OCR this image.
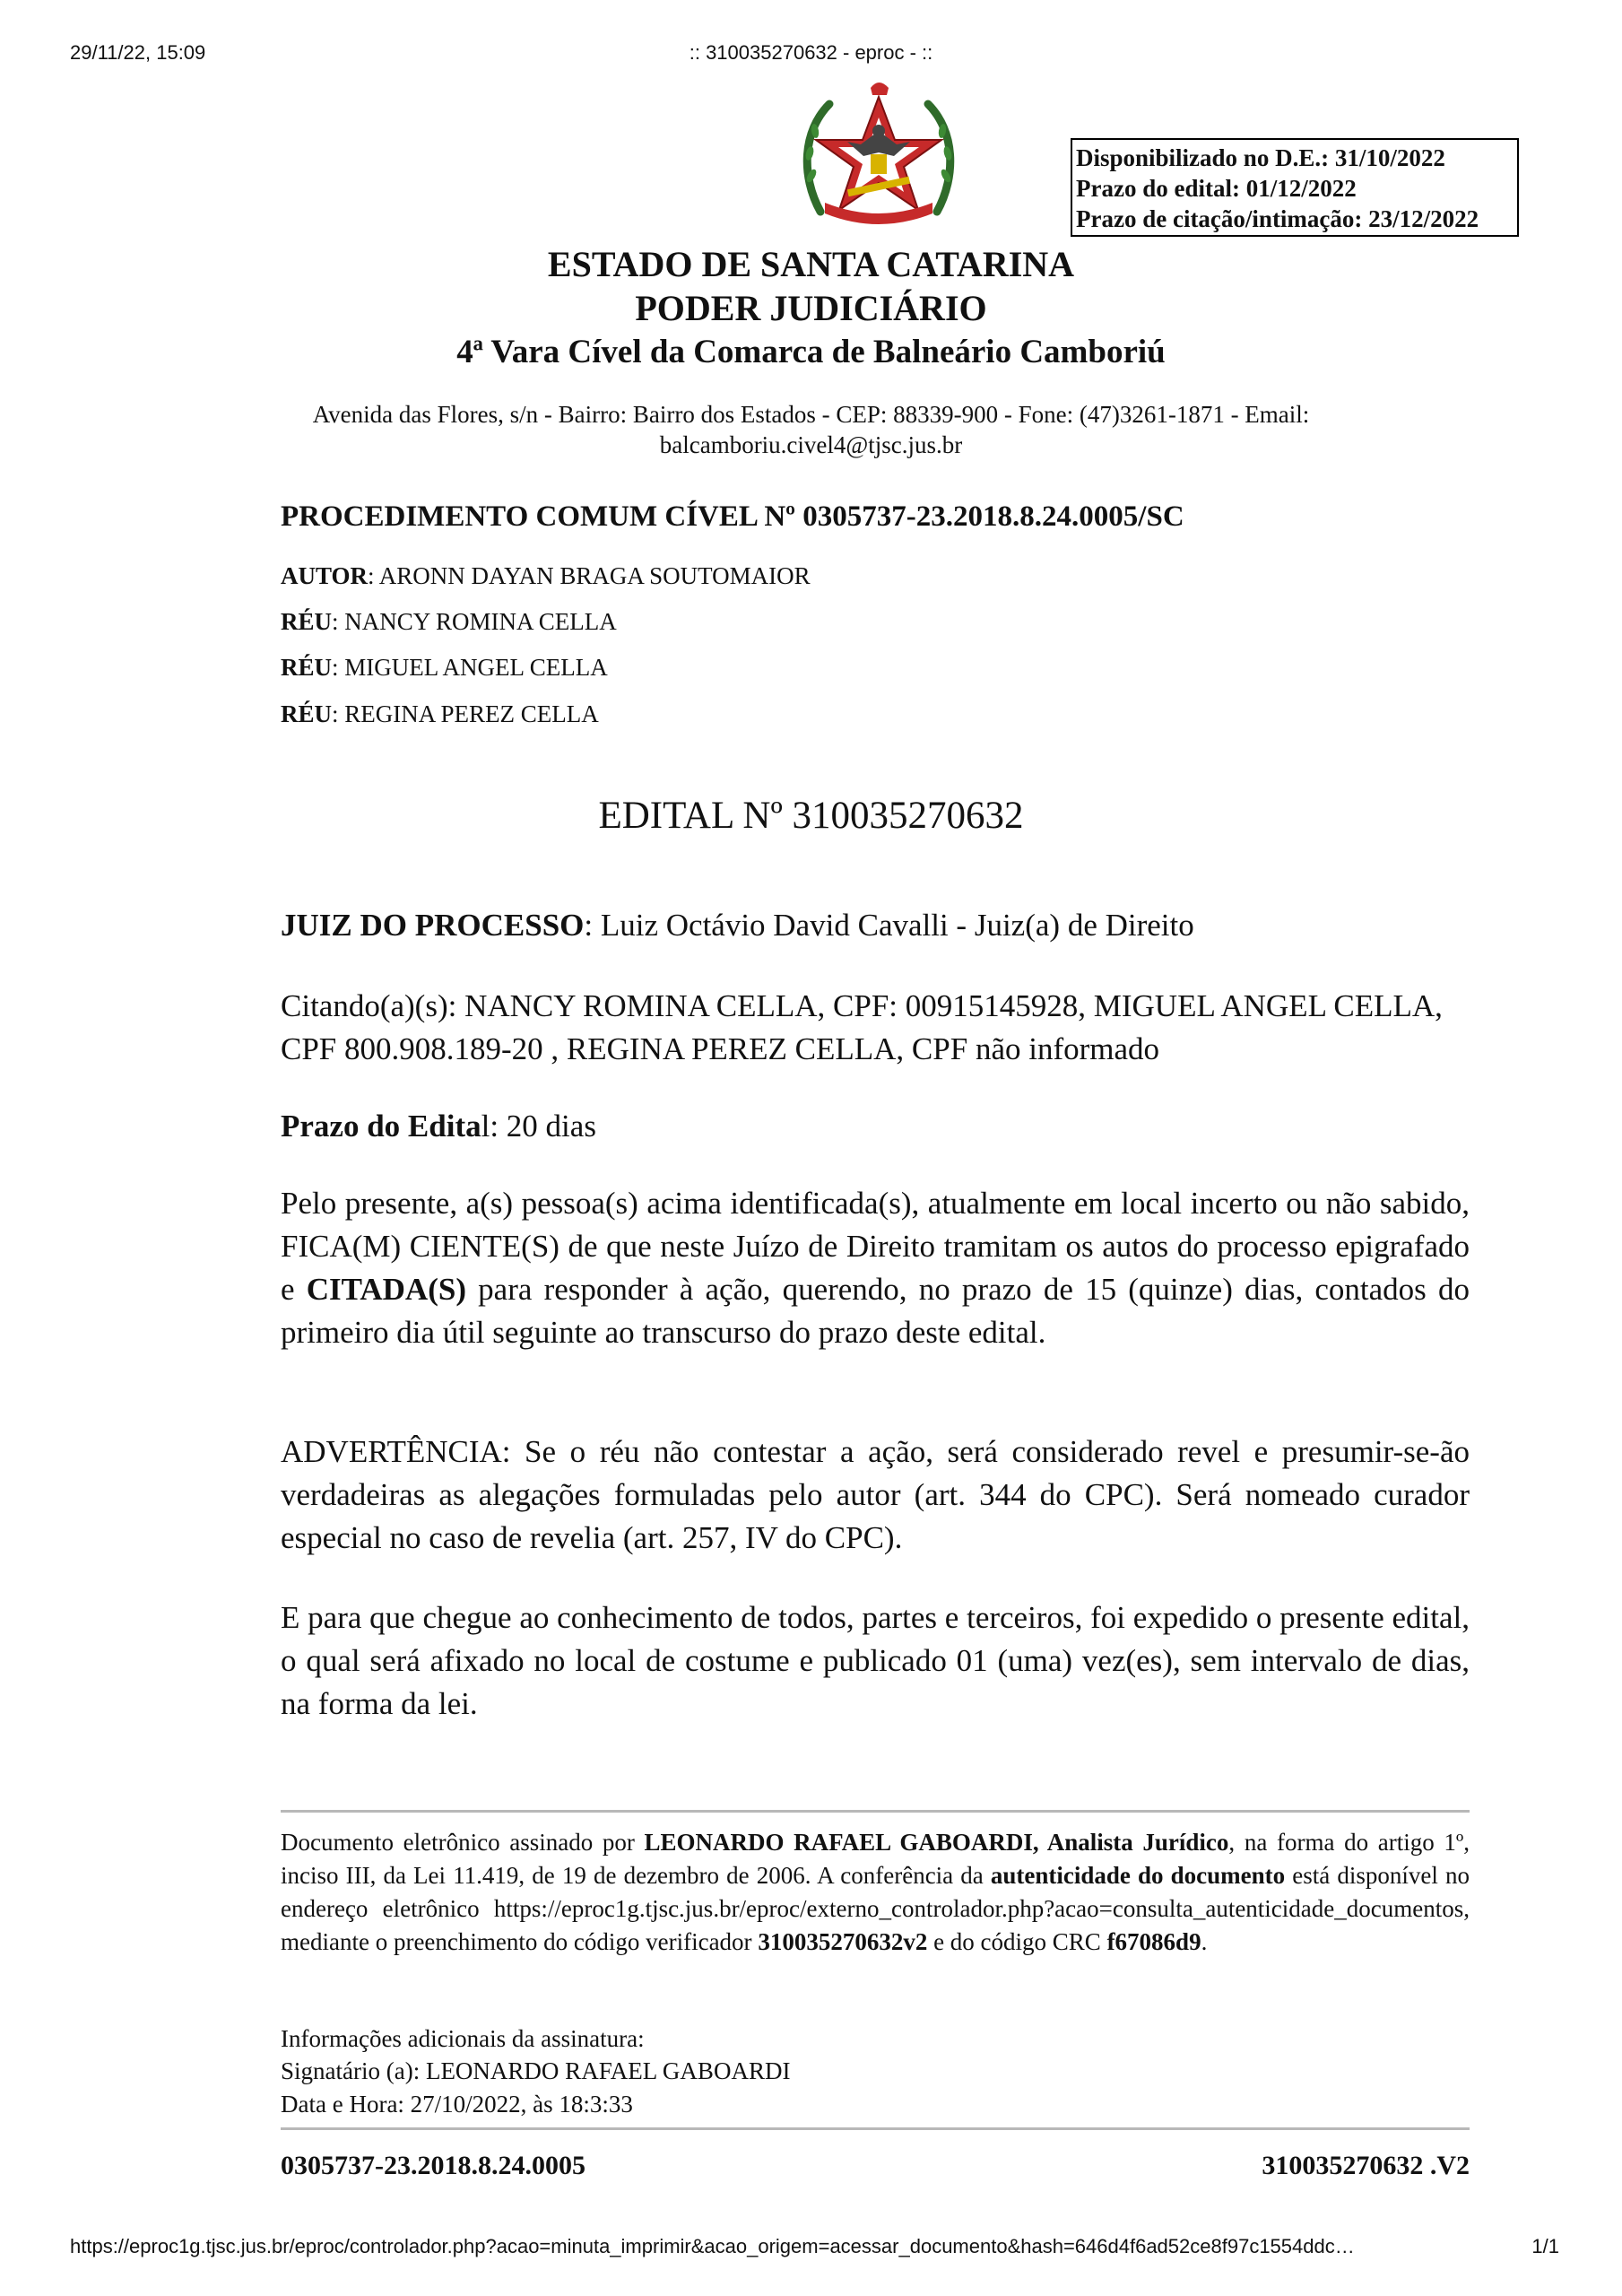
29/11/22, 15:09	:: 310035270632 - eproc - ::
Disponibilizado no D.E.: 31/10/2022
Prazo do edital: 01/12/2022
Prazo de citação/intimação: 23/12/2022
ESTADO DE SANTA CATARINA
PODER JUDICIÁRIO
4ª Vara Cível da Comarca de Balneário Camboriú
Avenida das Flores, s/n - Bairro: Bairro dos Estados - CEP: 88339-900 - Fone: (47)3261-1871 - Email:
balcamboriu.civel4@tjsc.jus.br
PROCEDIMENTO COMUM CÍVEL Nº 0305737-23.2018.8.24.0005/SC
AUTOR: ARONN DAYAN BRAGA SOUTOMAIOR
RÉU: NANCY ROMINA CELLA
RÉU: MIGUEL ANGEL CELLA
RÉU: REGINA PEREZ CELLA
EDITAL Nº 310035270632
JUIZ DO PROCESSO: Luiz Octávio David Cavalli - Juiz(a) de Direito
Citando(a)(s): NANCY ROMINA CELLA, CPF: 00915145928, MIGUEL ANGEL CELLA, CPF 800.908.189-20 , REGINA PEREZ CELLA, CPF não informado
Prazo do Edital: 20 dias
Pelo presente, a(s) pessoa(s) acima identificada(s), atualmente em local incerto ou não sabido, FICA(M) CIENTE(S) de que neste Juízo de Direito tramitam os autos do processo epigrafado e CITADA(S) para responder à ação, querendo, no prazo de 15 (quinze) dias, contados do primeiro dia útil seguinte ao transcurso do prazo deste edital.
ADVERTÊNCIA: Se o réu não contestar a ação, será considerado revel e presumir-se-ão verdadeiras as alegações formuladas pelo autor (art. 344 do CPC). Será nomeado curador especial no caso de revelia (art. 257, IV do CPC).
E para que chegue ao conhecimento de todos, partes e terceiros, foi expedido o presente edital, o qual será afixado no local de costume e publicado 01 (uma) vez(es), sem intervalo de dias, na forma da lei.
Documento eletrônico assinado por LEONARDO RAFAEL GABOARDI, Analista Jurídico, na forma do artigo 1º, inciso III, da Lei 11.419, de 19 de dezembro de 2006. A conferência da autenticidade do documento está disponível no endereço eletrônico https://eproc1g.tjsc.jus.br/eproc/externo_controlador.php?acao=consulta_autenticidade_documentos, mediante o preenchimento do código verificador 310035270632v2 e do código CRC f67086d9.
Informações adicionais da assinatura:
Signatário (a): LEONARDO RAFAEL GABOARDI
Data e Hora: 27/10/2022, às 18:3:33
0305737-23.2018.8.24.0005	310035270632 .V2
https://eproc1g.tjsc.jus.br/eproc/controlador.php?acao=minuta_imprimir&acao_origem=acessar_documento&hash=646d4f6ad52ce8f97c1554ddc…	1/1
